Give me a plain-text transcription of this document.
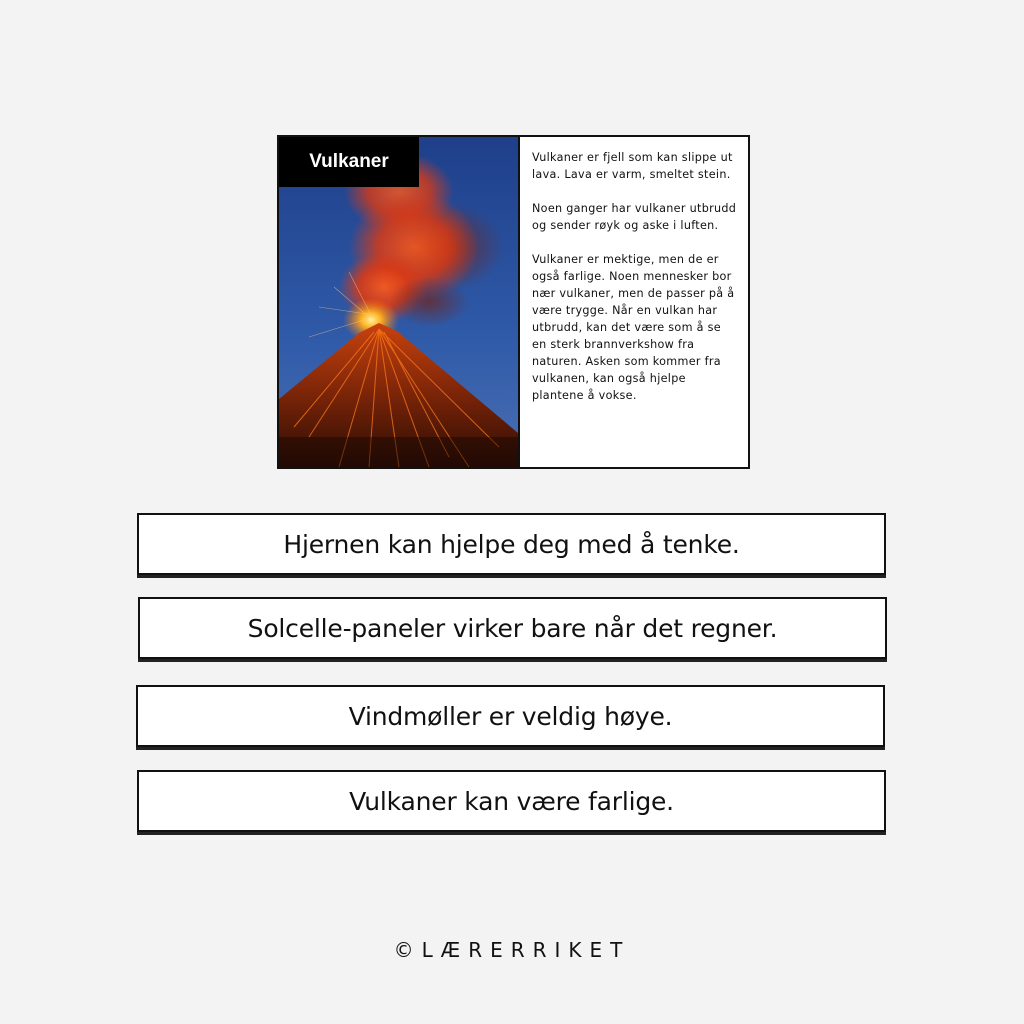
Vulkaner	Vulkaner er fjell som kan slippe ut lava. Lava er varm, smeltet stein.

Noen ganger har vulkaner utbrudd og sender røyk og aske i luften.

Vulkaner er mektige, men de er også farlige. Noen mennesker bor nær vulkaner, men de passer på å være trygge. Når en vulkan har utbrudd, kan det være som å se en sterk brannverkshow fra naturen. Asken som kommer fra vulkanen, kan også hjelpe plantene å vokse.

Hjernen kan hjelpe deg med å tenke.
Solcelle-paneler virker bare når det regner.
Vindmøller er veldig høye.
Vulkaner kan være farlige.
©LÆRERRIKET
